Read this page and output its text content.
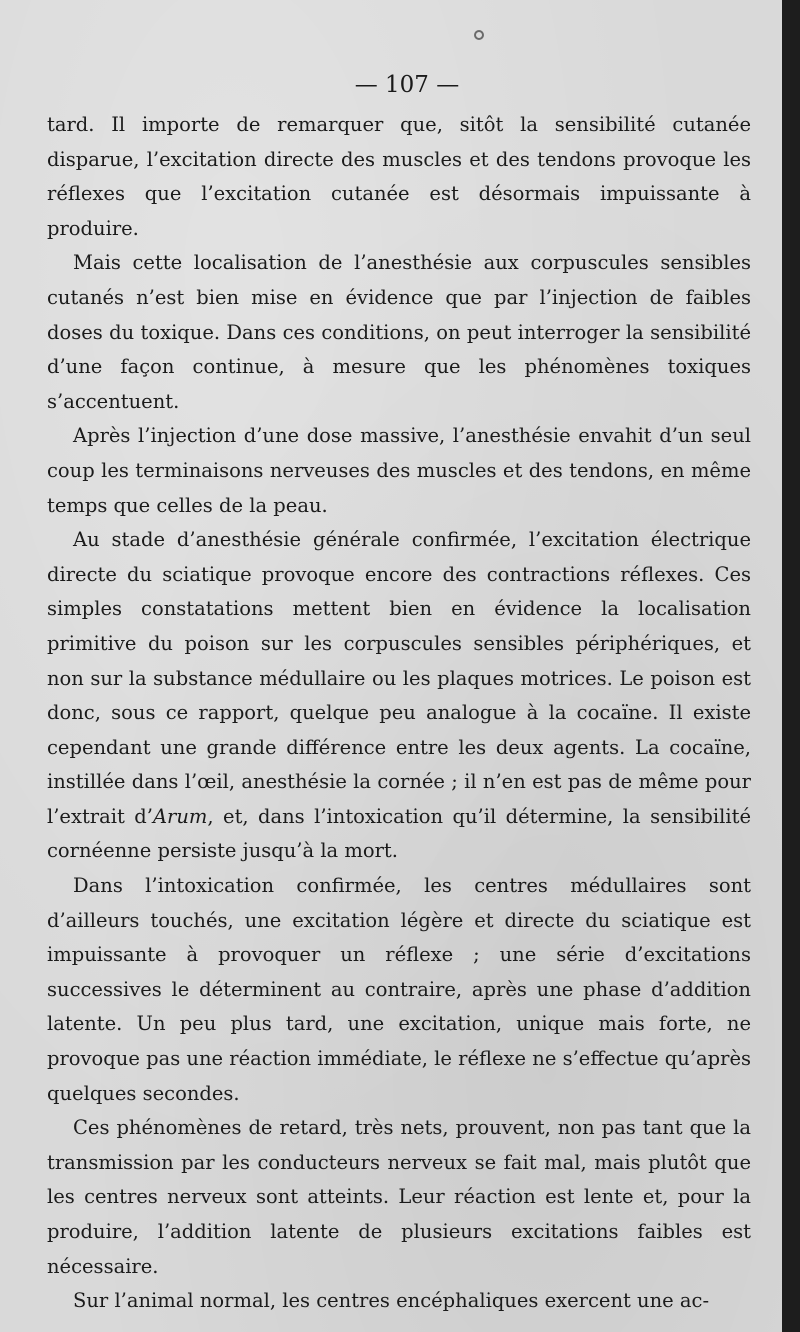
— 107 —

tard. Il importe de remarquer que, sitôt la sensibilité cutanée disparue, l’excitation directe des muscles et des tendons provoque les réflexes que l’excitation cutanée est désormais impuissante à produire.

Mais cette localisation de l’anesthésie aux corpuscules sensibles cutanés n’est bien mise en évidence que par l’injection de faibles doses du toxique. Dans ces conditions, on peut interroger la sensibilité d’une façon continue, à mesure que les phénomènes toxiques s’accentuent.

Après l’injection d’une dose massive, l’anesthésie envahit d’un seul coup les terminaisons nerveuses des muscles et des tendons, en même temps que celles de la peau.

Au stade d’anesthésie générale confirmée, l’excitation électrique directe du sciatique provoque encore des contractions réflexes. Ces simples constatations mettent bien en évidence la localisation primitive du poison sur les corpuscules sensibles périphériques, et non sur la substance médullaire ou les plaques motrices. Le poison est donc, sous ce rapport, quelque peu analogue à la cocaïne. Il existe cependant une grande différence entre les deux agents. La cocaïne, instillée dans l’œil, anesthésie la cornée ; il n’en est pas de même pour l’extrait d’Arum, et, dans l’intoxication qu’il détermine, la sensibilité cornéenne persiste jusqu’à la mort.

Dans l’intoxication confirmée, les centres médullaires sont d’ailleurs touchés, une excitation légère et directe du sciatique est impuissante à provoquer un réflexe ; une série d’excitations successives le déterminent au contraire, après une phase d’addition latente. Un peu plus tard, une excitation, unique mais forte, ne provoque pas une réaction immédiate, le réflexe ne s’effectue qu’après quelques secondes.

Ces phénomènes de retard, très nets, prouvent, non pas tant que la transmission par les conducteurs nerveux se fait mal, mais plutôt que les centres nerveux sont atteints. Leur réaction est lente et, pour la produire, l’addition latente de plusieurs excitations faibles est nécessaire.

Sur l’animal normal, les centres encéphaliques exercent une ac-
